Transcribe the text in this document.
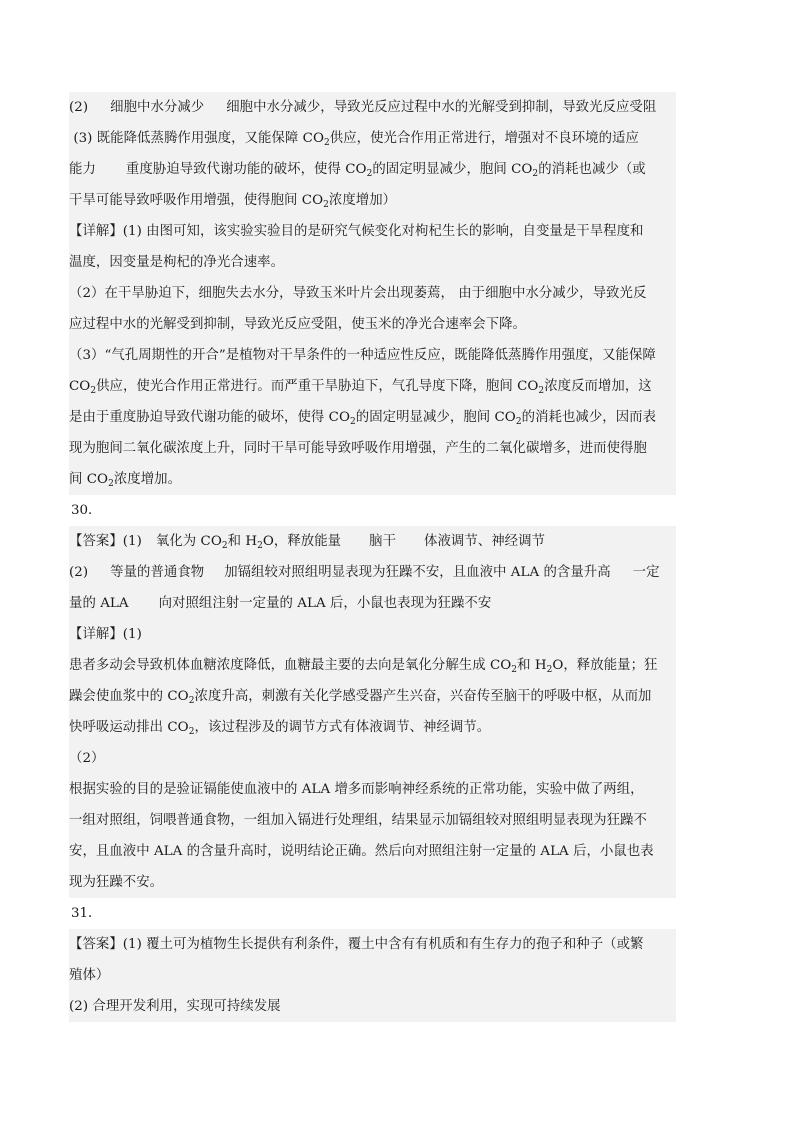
(2) 细胞中水分减少 细胞中水分减少，导致光反应过程中水的光解受到抑制，导致光反应受阻
(3) 既能降低蒸腾作用强度，又能保障 $CO_2$供应，使光合作用正常进行，增强对不良环境的适应
能力 重度胁迫导致代谢功能的破坏，使得 $CO_2$的固定明显减少，胞间 $CO_2$的消耗也减少（或
干旱可能导致呼吸作用增强，使得胞间 $CO_2$浓度增加）
【详解】(1) 由图可知，该实验实验目的是研究气候变化对枸杞生长的影响，自变量是干旱程度和
温度，因变量是枸杞的净光合速率。
（2）在干旱胁迫下，细胞失去水分，导致玉米叶片会出现萎蔫， 由于细胞中水分减少，导致光反
应过程中水的光解受到抑制，导致光反应受阻，使玉米的净光合速率会下降。
（3）“气孔周期性的开合”是植物对干旱条件的一种适应性反应，既能降低蒸腾作用强度，又能保障
$CO_2$供应，使光合作用正常进行。而严重干旱胁迫下，气孔导度下降，胞间 $CO_2$浓度反而增加，这
是由于重度胁迫导致代谢功能的破坏，使得 $CO_2$的固定明显减少，胞间 $CO_2$的消耗也减少，因而表
现为胞间二氧化碳浓度上升，同时干旱可能导致呼吸作用增强，产生的二氧化碳增多，进而使得胞
间 $CO_2$浓度增加。
30．
【答案】(1) 氧化为 $CO_2$和 $H_2O$，释放能量 脑干 体液调节、神经调节
(2) 等量的普通食物 加镉组较对照组明显表现为狂躁不安，且血液中 ALA 的含量升高 一定
量的 ALA 向对照组注射一定量的 ALA 后，小鼠也表现为狂躁不安
【详解】(1)
患者多动会导致机体血糖浓度降低，血糖最主要的去向是氧化分解生成 $CO_2$和 $H_2O$，释放能量；狂
躁会使血浆中的 $CO_2$浓度升高，刺激有关化学感受器产生兴奋，兴奋传至脑干的呼吸中枢，从而加
快呼吸运动排出 $CO_2$，该过程涉及的调节方式有体液调节、神经调节。
（2）
根据实验的目的是验证镉能使血液中的 ALA 增多而影响神经系统的正常功能，实验中做了两组，
一组对照组，饲喂普通食物，一组加入镉进行处理组，结果显示加镉组较对照组明显表现为狂躁不
安，且血液中 ALA 的含量升高时，说明结论正确。然后向对照组注射一定量的 ALA 后，小鼠也表
现为狂躁不安。
31．
【答案】(1) 覆土可为植物生长提供有利条件，覆土中含有有机质和有生存力的孢子和种子（或繁
殖体）
(2) 合理开发利用，实现可持续发展
